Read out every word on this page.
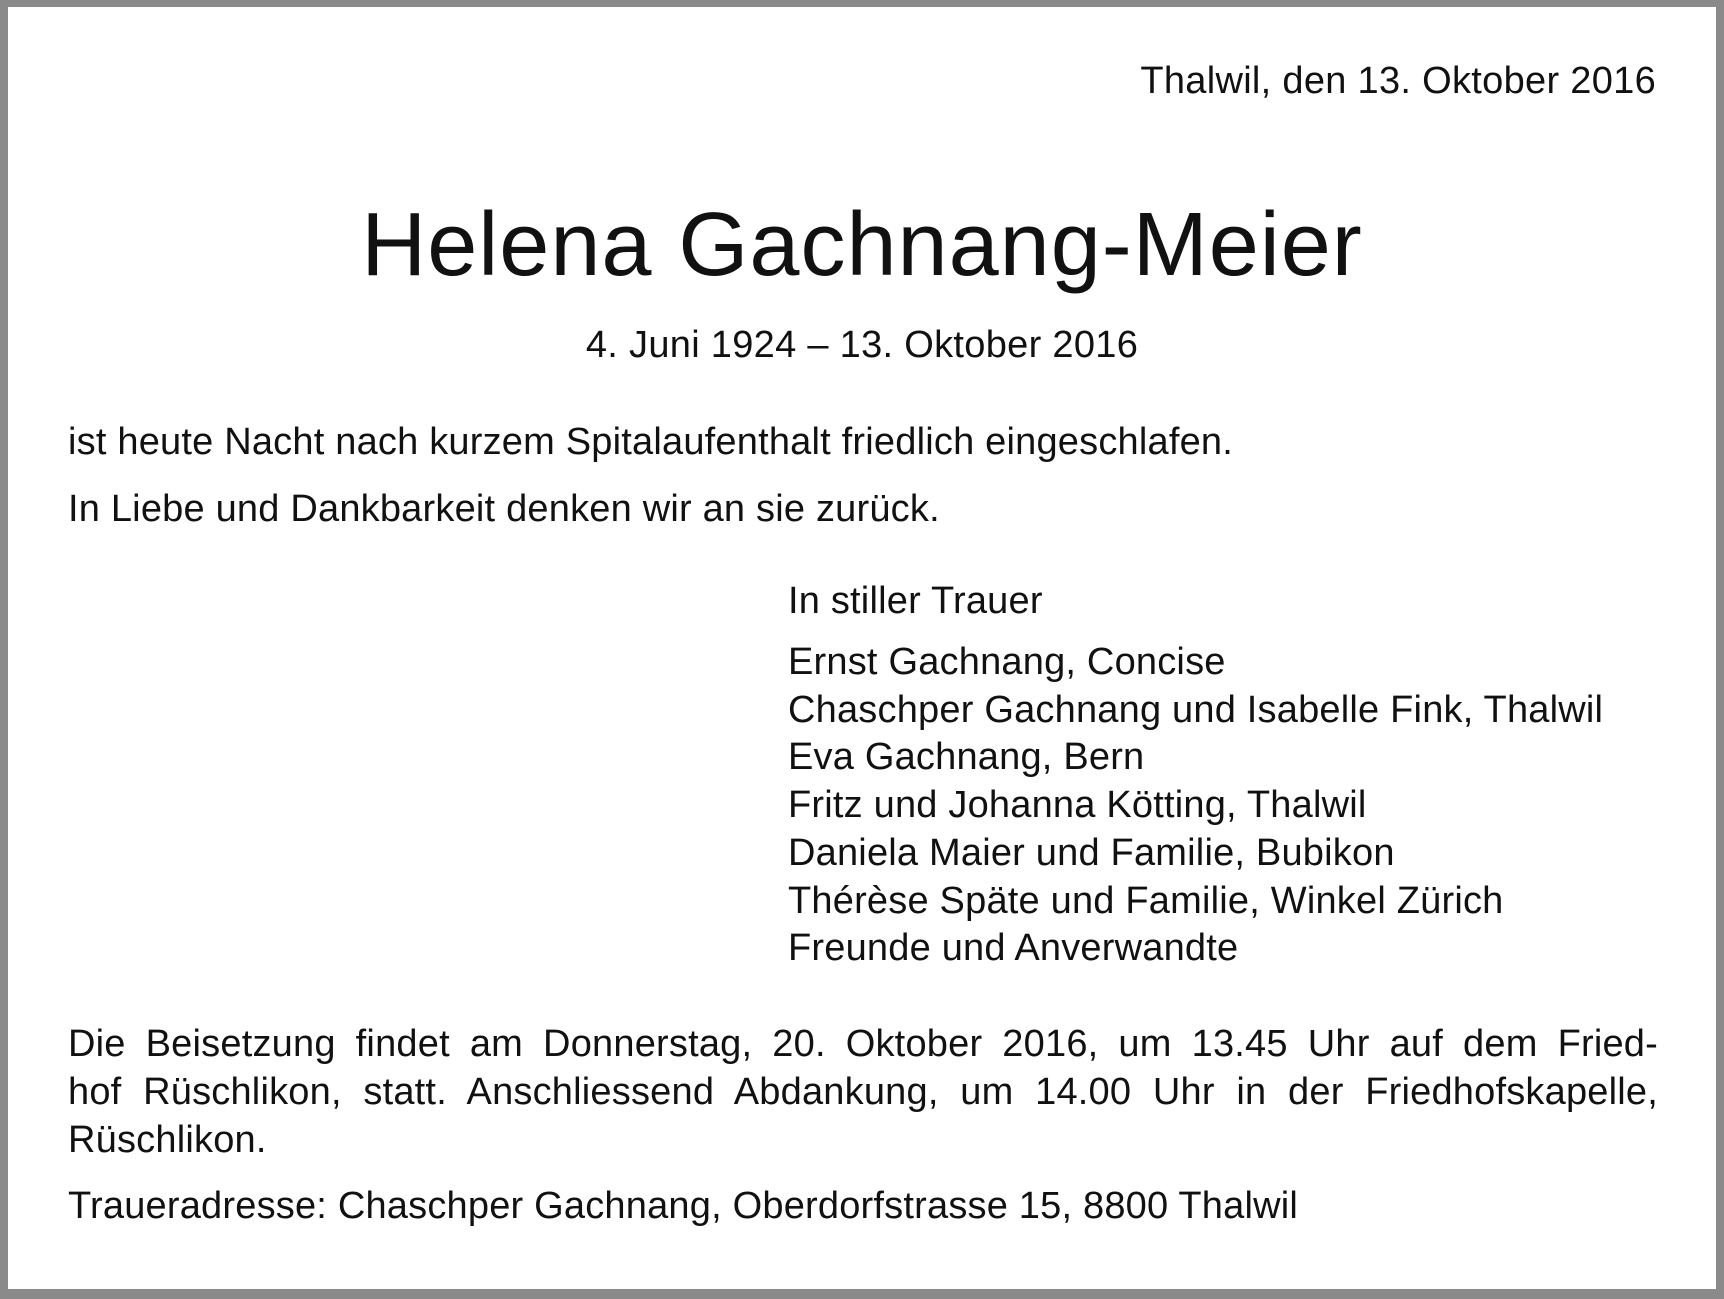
Thalwil, den 13. Oktober 2016
Helena Gachnang-Meier
4. Juni 1924 – 13. Oktober 2016
ist heute Nacht nach kurzem Spitalaufenthalt friedlich eingeschlafen.
In Liebe und Dankbarkeit denken wir an sie zurück.
In stiller Trauer
Ernst Gachnang, Concise
Chaschper Gachnang und Isabelle Fink, Thalwil
Eva Gachnang, Bern
Fritz und Johanna Kötting, Thalwil
Daniela Maier und Familie, Bubikon
Thérèse Späte und Familie, Winkel Zürich
Freunde und Anverwandte
Die Beisetzung findet am Donnerstag, 20. Oktober 2016, um 13.45 Uhr auf dem Fried-
hof Rüschlikon, statt. Anschliessend Abdankung, um 14.00 Uhr in der Friedhofskapelle,
Rüschlikon.
Traueradresse: Chaschper Gachnang, Oberdorfstrasse 15, 8800 Thalwil
